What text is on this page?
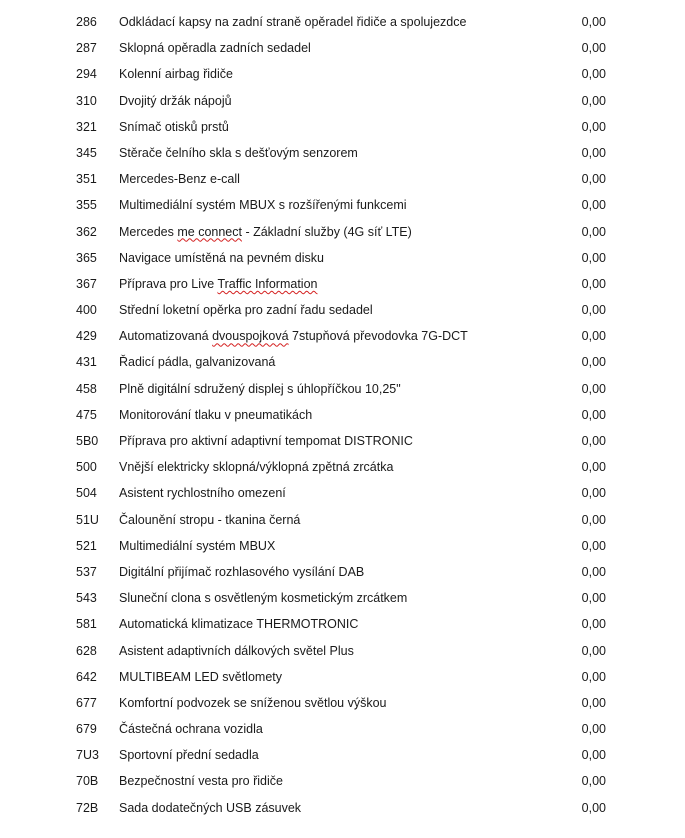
286	Odkládací kapsy na zadní straně opěradel řidiče a spolujezdce	0,00
287	Sklopná opěradla zadních sedadel	0,00
294	Kolenní airbag řidiče	0,00
310	Dvojitý držák nápojů	0,00
321	Snímač otisků prstů	0,00
345	Stěrače čelního skla s dešťovým senzorem	0,00
351	Mercedes-Benz e-call	0,00
355	Multimediální systém MBUX s rozšířenými funkcemi	0,00
362	Mercedes me connect - Základní služby (4G síť LTE)	0,00
365	Navigace umístěná na pevném disku	0,00
367	Příprava pro Live Traffic Information	0,00
400	Střední loketní opěrka pro zadní řadu sedadel	0,00
429	Automatizovaná dvouspojková 7stupňová převodovka 7G-DCT	0,00
431	Řadicí pádla, galvanizovaná	0,00
458	Plně digitální sdružený displej s úhlopříčkou 10,25"	0,00
475	Monitorování tlaku v pneumatikách	0,00
5B0	Příprava pro aktivní adaptivní tempomat DISTRONIC	0,00
500	Vnější elektricky sklopná/výklopná zpětná zrcátka	0,00
504	Asistent rychlostního omezení	0,00
51U	Čalounění stropu - tkanina černá	0,00
521	Multimediální systém MBUX	0,00
537	Digitální přijímač rozhlasového vysílání DAB	0,00
543	Sluneční clona s osvětleným kosmetickým zrcátkem	0,00
581	Automatická klimatizace THERMOTRONIC	0,00
628	Asistent adaptivních dálkových světel Plus	0,00
642	MULTIBEAM LED světlomety	0,00
677	Komfortní podvozek se sníženou světlou výškou	0,00
679	Částečná ochrana vozidla	0,00
7U3	Sportovní přední sedadla	0,00
70B	Bezpečnostní vesta pro řidiče	0,00
72B	Sada dodatečných USB zásuvek	0,00
